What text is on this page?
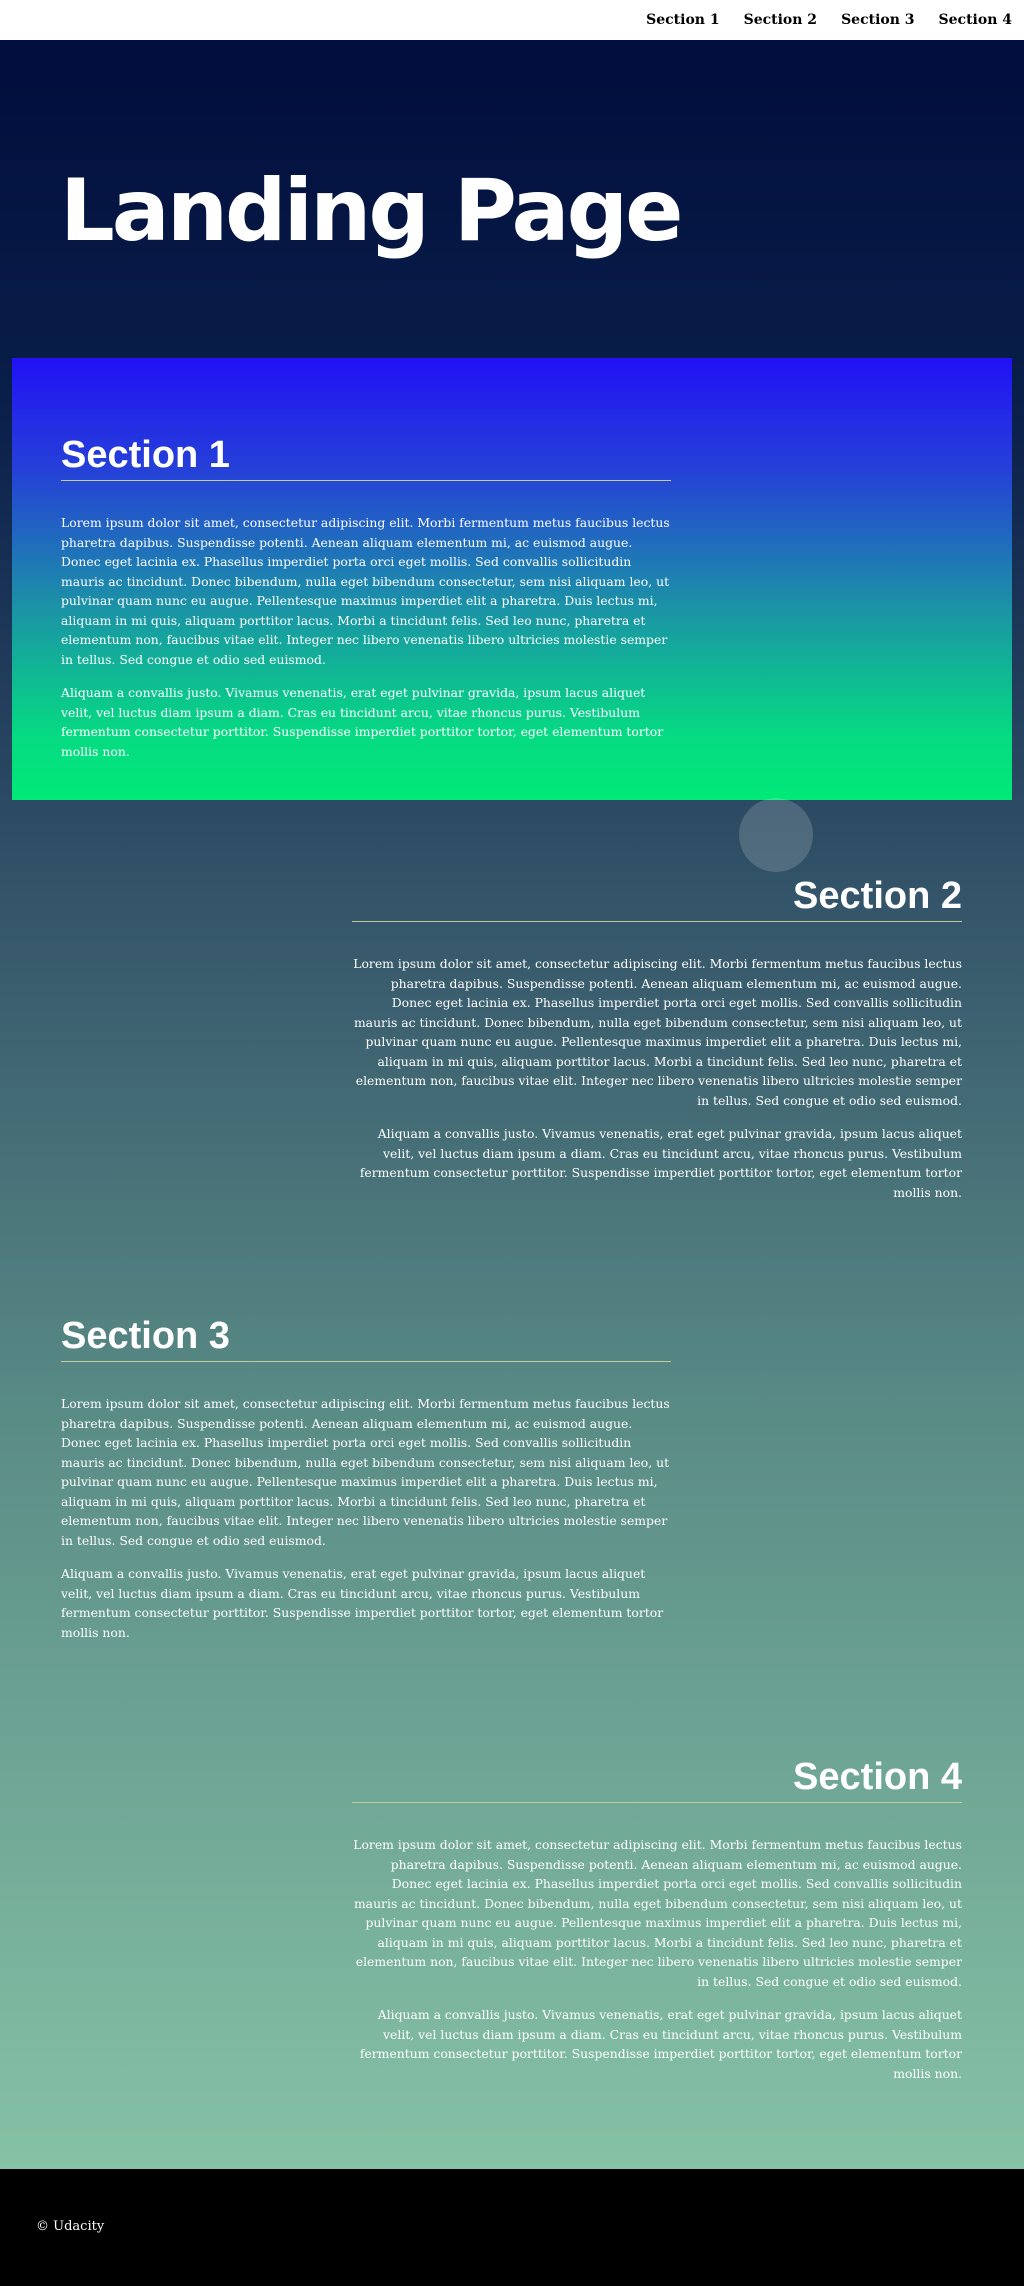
Section 1	Section 2	Section 3	Section 4
Landing Page
Section 1

Lorem ipsum dolor sit amet, consectetur adipiscing elit. Morbi fermentum metus faucibus lectus pharetra dapibus. Suspendisse potenti. Aenean aliquam elementum mi, ac euismod augue. Donec eget lacinia ex. Phasellus imperdiet porta orci eget mollis. Sed convallis sollicitudin mauris ac tincidunt. Donec bibendum, nulla eget bibendum consectetur, sem nisi aliquam leo, ut pulvinar quam nunc eu augue. Pellentesque maximus imperdiet elit a pharetra. Duis lectus mi, aliquam in mi quis, aliquam porttitor lacus. Morbi a tincidunt felis. Sed leo nunc, pharetra et elementum non, faucibus vitae elit. Integer nec libero venenatis libero ultricies molestie semper in tellus. Sed congue et odio sed euismod.

Aliquam a convallis justo. Vivamus venenatis, erat eget pulvinar gravida, ipsum lacus aliquet velit, vel luctus diam ipsum a diam. Cras eu tincidunt arcu, vitae rhoncus purus. Vestibulum fermentum consectetur porttitor. Suspendisse imperdiet porttitor tortor, eget elementum tortor mollis non.

Section 2

Lorem ipsum dolor sit amet, consectetur adipiscing elit. Morbi fermentum metus faucibus lectus pharetra dapibus. Suspendisse potenti. Aenean aliquam elementum mi, ac euismod augue. Donec eget lacinia ex. Phasellus imperdiet porta orci eget mollis. Sed convallis sollicitudin mauris ac tincidunt. Donec bibendum, nulla eget bibendum consectetur, sem nisi aliquam leo, ut pulvinar quam nunc eu augue. Pellentesque maximus imperdiet elit a pharetra. Duis lectus mi, aliquam in mi quis, aliquam porttitor lacus. Morbi a tincidunt felis. Sed leo nunc, pharetra et elementum non, faucibus vitae elit. Integer nec libero venenatis libero ultricies molestie semper in tellus. Sed congue et odio sed euismod.

Aliquam a convallis justo. Vivamus venenatis, erat eget pulvinar gravida, ipsum lacus aliquet velit, vel luctus diam ipsum a diam. Cras eu tincidunt arcu, vitae rhoncus purus. Vestibulum fermentum consectetur porttitor. Suspendisse imperdiet porttitor tortor, eget elementum tortor mollis non.

Section 3

Lorem ipsum dolor sit amet, consectetur adipiscing elit. Morbi fermentum metus faucibus lectus pharetra dapibus. Suspendisse potenti. Aenean aliquam elementum mi, ac euismod augue. Donec eget lacinia ex. Phasellus imperdiet porta orci eget mollis. Sed convallis sollicitudin mauris ac tincidunt. Donec bibendum, nulla eget bibendum consectetur, sem nisi aliquam leo, ut pulvinar quam nunc eu augue. Pellentesque maximus imperdiet elit a pharetra. Duis lectus mi, aliquam in mi quis, aliquam porttitor lacus. Morbi a tincidunt felis. Sed leo nunc, pharetra et elementum non, faucibus vitae elit. Integer nec libero venenatis libero ultricies molestie semper in tellus. Sed congue et odio sed euismod.

Aliquam a convallis justo. Vivamus venenatis, erat eget pulvinar gravida, ipsum lacus aliquet velit, vel luctus diam ipsum a diam. Cras eu tincidunt arcu, vitae rhoncus purus. Vestibulum fermentum consectetur porttitor. Suspendisse imperdiet porttitor tortor, eget elementum tortor mollis non.

Section 4

Lorem ipsum dolor sit amet, consectetur adipiscing elit. Morbi fermentum metus faucibus lectus pharetra dapibus. Suspendisse potenti. Aenean aliquam elementum mi, ac euismod augue. Donec eget lacinia ex. Phasellus imperdiet porta orci eget mollis. Sed convallis sollicitudin mauris ac tincidunt. Donec bibendum, nulla eget bibendum consectetur, sem nisi aliquam leo, ut pulvinar quam nunc eu augue. Pellentesque maximus imperdiet elit a pharetra. Duis lectus mi, aliquam in mi quis, aliquam porttitor lacus. Morbi a tincidunt felis. Sed leo nunc, pharetra et elementum non, faucibus vitae elit. Integer nec libero venenatis libero ultricies molestie semper in tellus. Sed congue et odio sed euismod.

Aliquam a convallis justo. Vivamus venenatis, erat eget pulvinar gravida, ipsum lacus aliquet velit, vel luctus diam ipsum a diam. Cras eu tincidunt arcu, vitae rhoncus purus. Vestibulum fermentum consectetur porttitor. Suspendisse imperdiet porttitor tortor, eget elementum tortor mollis non.

© Udacity
